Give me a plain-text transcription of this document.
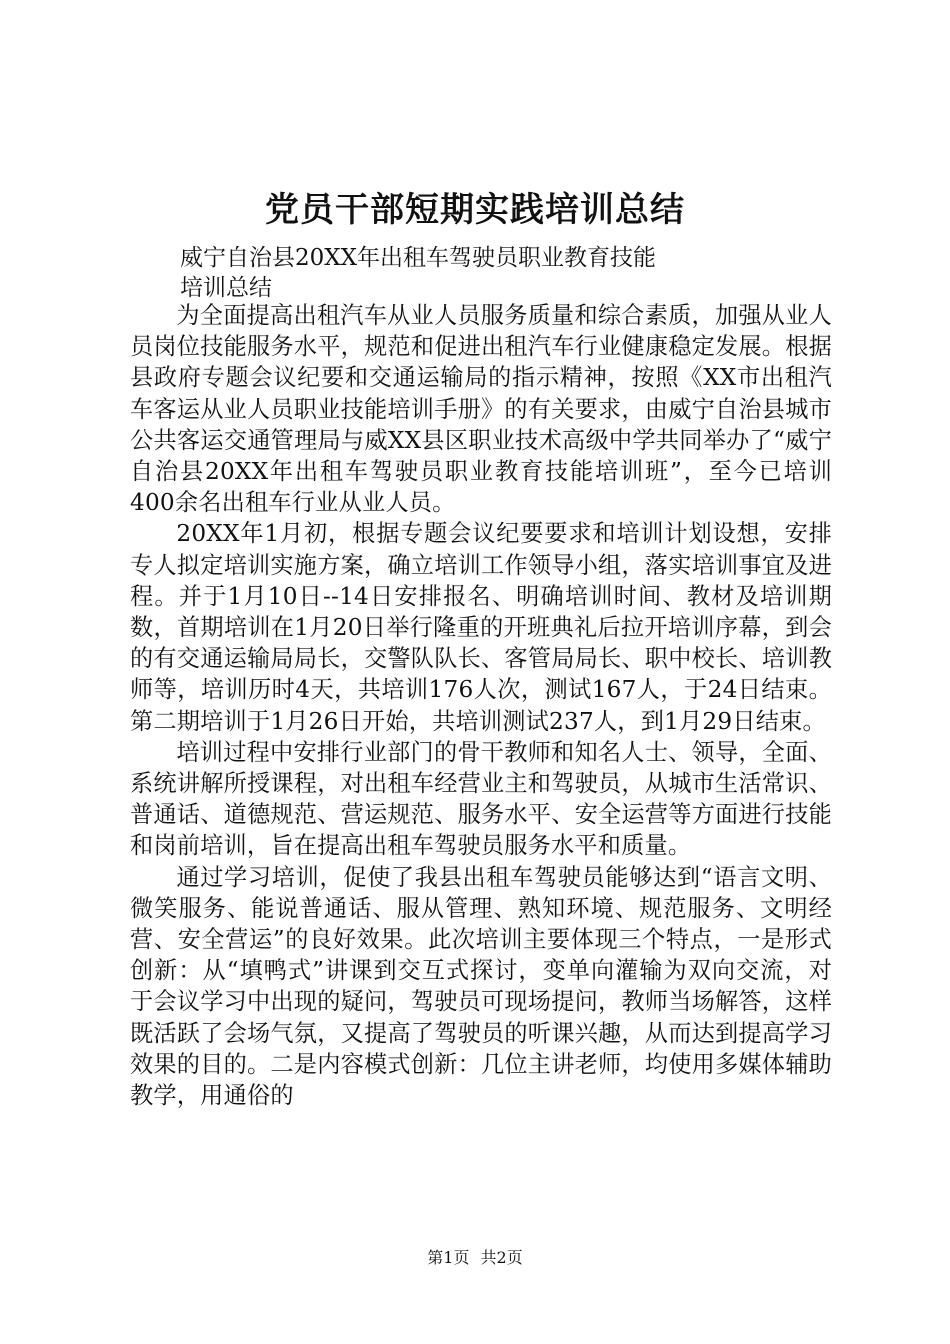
党员干部短期实践培训总结

威宁自治县20XX年出租车驾驶员职业教育技能

培训总结

为全面提高出租汽车从业人员服务质量和综合素质，加强从业人员岗位技能服务水平，规范和促进出租汽车行业健康稳定发展。根据县政府专题会议纪要和交通运输局的指示精神，按照《XX市出租汽车客运从业人员职业技能培训手册》的有关要求，由威宁自治县城市公共客运交通管理局与威XX县区职业技术高级中学共同举办了“威宁自治县20XX年出租车驾驶员职业教育技能培训班”，至今已培训400余名出租车行业从业人员。

20XX年1月初，根据专题会议纪要要求和培训计划设想，安排专人拟定培训实施方案，确立培训工作领导小组，落实培训事宜及进程。并于1月10日--14日安排报名、明确培训时间、教材及培训期数，首期培训在1月20日举行隆重的开班典礼后拉开培训序幕，到会的有交通运输局局长，交警队队长、客管局局长、职中校长、培训教师等，培训历时4天，共培训176人次，测试167人，于24日结束。第二期培训于1月26日开始，共培训测试237人，到1月29日结束。

培训过程中安排行业部门的骨干教师和知名人士、领导，全面、系统讲解所授课程，对出租车经营业主和驾驶员，从城市生活常识、普通话、道德规范、营运规范、服务水平、安全运营等方面进行技能和岗前培训，旨在提高出租车驾驶员服务水平和质量。

通过学习培训，促使了我县出租车驾驶员能够达到“语言文明、微笑服务、能说普通话、服从管理、熟知环境、规范服务、文明经营、安全营运”的良好效果。此次培训主要体现三个特点，一是形式创新：从“填鸭式”讲课到交互式探讨，变单向灌输为双向交流，对于会议学习中出现的疑问，驾驶员可现场提问，教师当场解答，这样既活跃了会场气氛，又提高了驾驶员的听课兴趣，从而达到提高学习效果的目的。二是内容模式创新：几位主讲老师，均使用多媒体辅助教学，用通俗的

第1页 共2页
